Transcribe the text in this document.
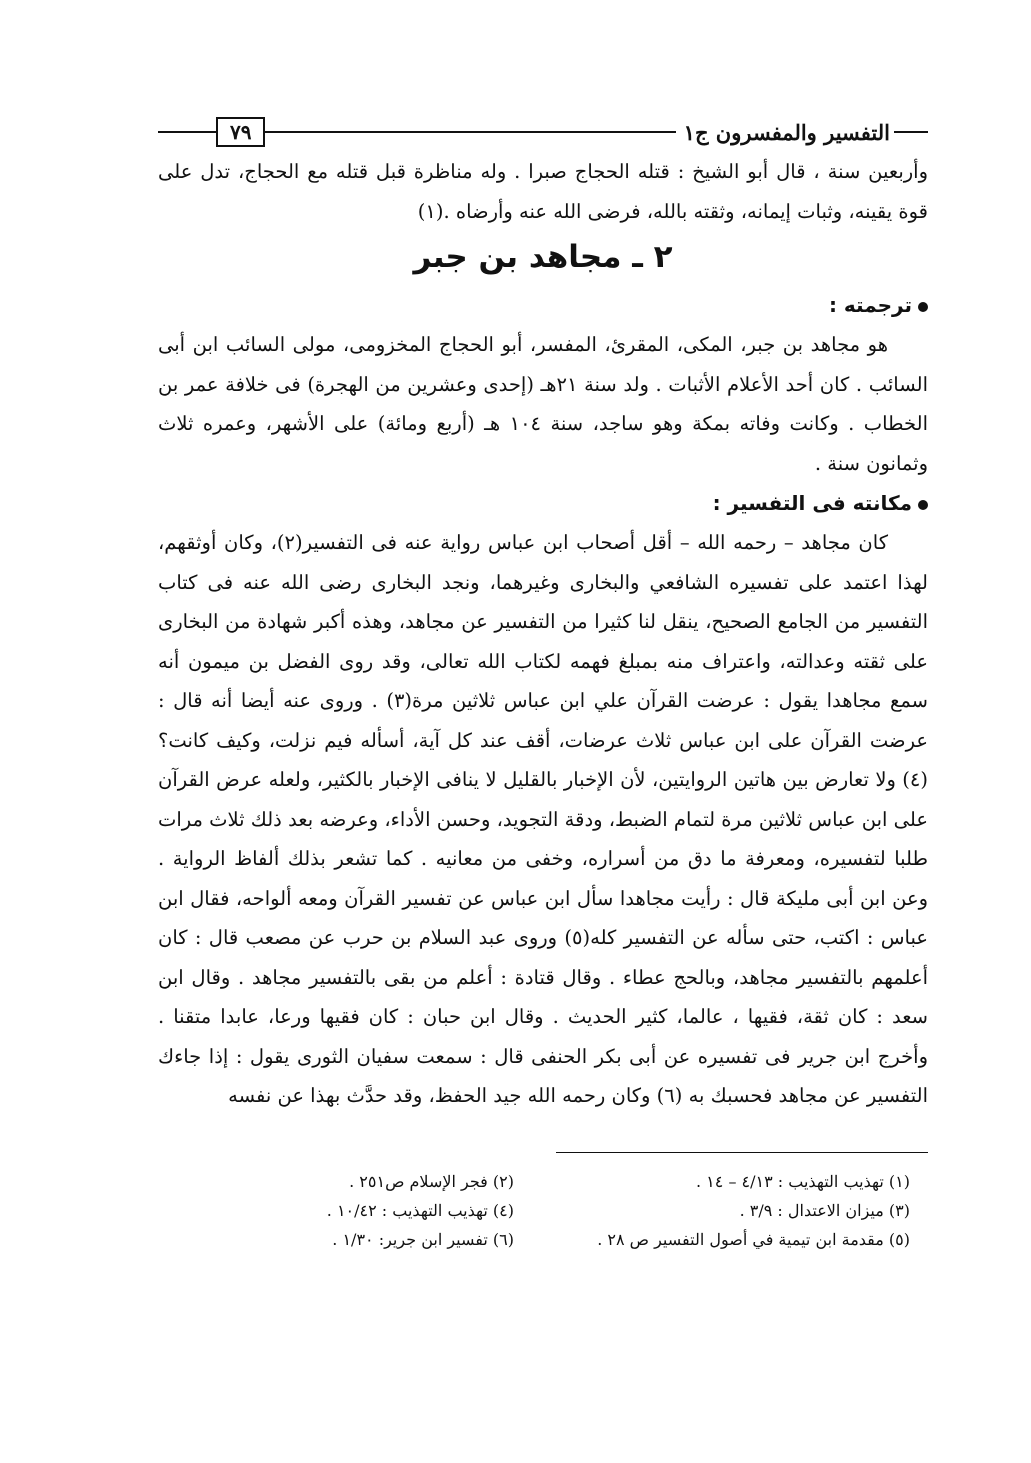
التفسير والمفسرون ج١
٧٩

وأربعين سنة ، قال أبو الشيخ : قتله الحجاج صبرا . وله مناظرة قبل قتله مع الحجاج، تدل على قوة يقينه، وثبات إيمانه، وثقته بالله، فرضى الله عنه وأرضاه .(١)

٢ ـ مجاهد بن جبر
ترجمته :

هو مجاهد بن جبر، المكى، المقرئ، المفسر، أبو الحجاج المخزومى، مولى السائب ابن أبى السائب . كان أحد الأعلام الأثبات . ولد سنة ٢١هـ (إحدى وعشرين من الهجرة) فى خلافة عمر بن الخطاب . وكانت وفاته بمكة وهو ساجد، سنة ١٠٤ هـ (أربع ومائة) على الأشهر، وعمره ثلاث وثمانون سنة .

مكانته فى التفسير :

كان مجاهد – رحمه الله – أقل أصحاب ابن عباس رواية عنه فى التفسير(٢)، وكان أوثقهم، لهذا اعتمد على تفسيره الشافعي والبخارى وغيرهما، ونجد البخارى رضى الله عنه فى كتاب التفسير من الجامع الصحيح، ينقل لنا كثيرا من التفسير عن مجاهد، وهذه أكبر شهادة من البخارى على ثقته وعدالته، واعتراف منه بمبلغ فهمه لكتاب الله تعالى، وقد روى الفضل بن ميمون أنه سمع مجاهدا يقول : عرضت القرآن علي ابن عباس ثلاثين مرة(٣) . وروى عنه أيضا أنه قال : عرضت القرآن على ابن عباس ثلاث عرضات، أقف عند كل آية، أسأله فيم نزلت، وكيف كانت؟ (٤) ولا تعارض بين هاتين الروايتين، لأن الإخبار بالقليل لا ينافى الإخبار بالكثير، ولعله عرض القرآن على ابن عباس ثلاثين مرة لتمام الضبط، ودقة التجويد، وحسن الأداء، وعرضه بعد ذلك ثلاث مرات طلبا لتفسيره، ومعرفة ما دق من أسراره، وخفى من معانيه . كما تشعر بذلك ألفاظ الرواية . وعن ابن أبى مليكة قال : رأيت مجاهدا سأل ابن عباس عن تفسير القرآن ومعه ألواحه، فقال ابن عباس : اكتب، حتى سأله عن التفسير كله(٥) وروى عبد السلام بن حرب عن مصعب قال : كان أعلمهم بالتفسير مجاهد، وبالحج عطاء . وقال قتادة : أعلم من بقى بالتفسير مجاهد . وقال ابن سعد : كان ثقة، فقيها ، عالما، كثير الحديث . وقال ابن حبان : كان فقيها ورعا، عابدا متقنا . وأخرج ابن جرير فى تفسيره عن أبى بكر الحنفى قال : سمعت سفيان الثورى يقول : إذا جاءك التفسير عن مجاهد فحسبك به (٦) وكان رحمه الله جيد الحفظ، وقد حدَّث بهذا عن نفسه

(١) تهذيب التهذيب : ٤/١٣ – ١٤ .
(٢) فجر الإسلام ص٢٥١ .
(٣) ميزان الاعتدال : ٣/٩ .
(٤) تهذيب التهذيب : ١٠/٤٢ .
(٥) مقدمة ابن تيمية في أصول التفسير ص ٢٨ .
(٦) تفسير ابن جرير: ١/٣٠ .
